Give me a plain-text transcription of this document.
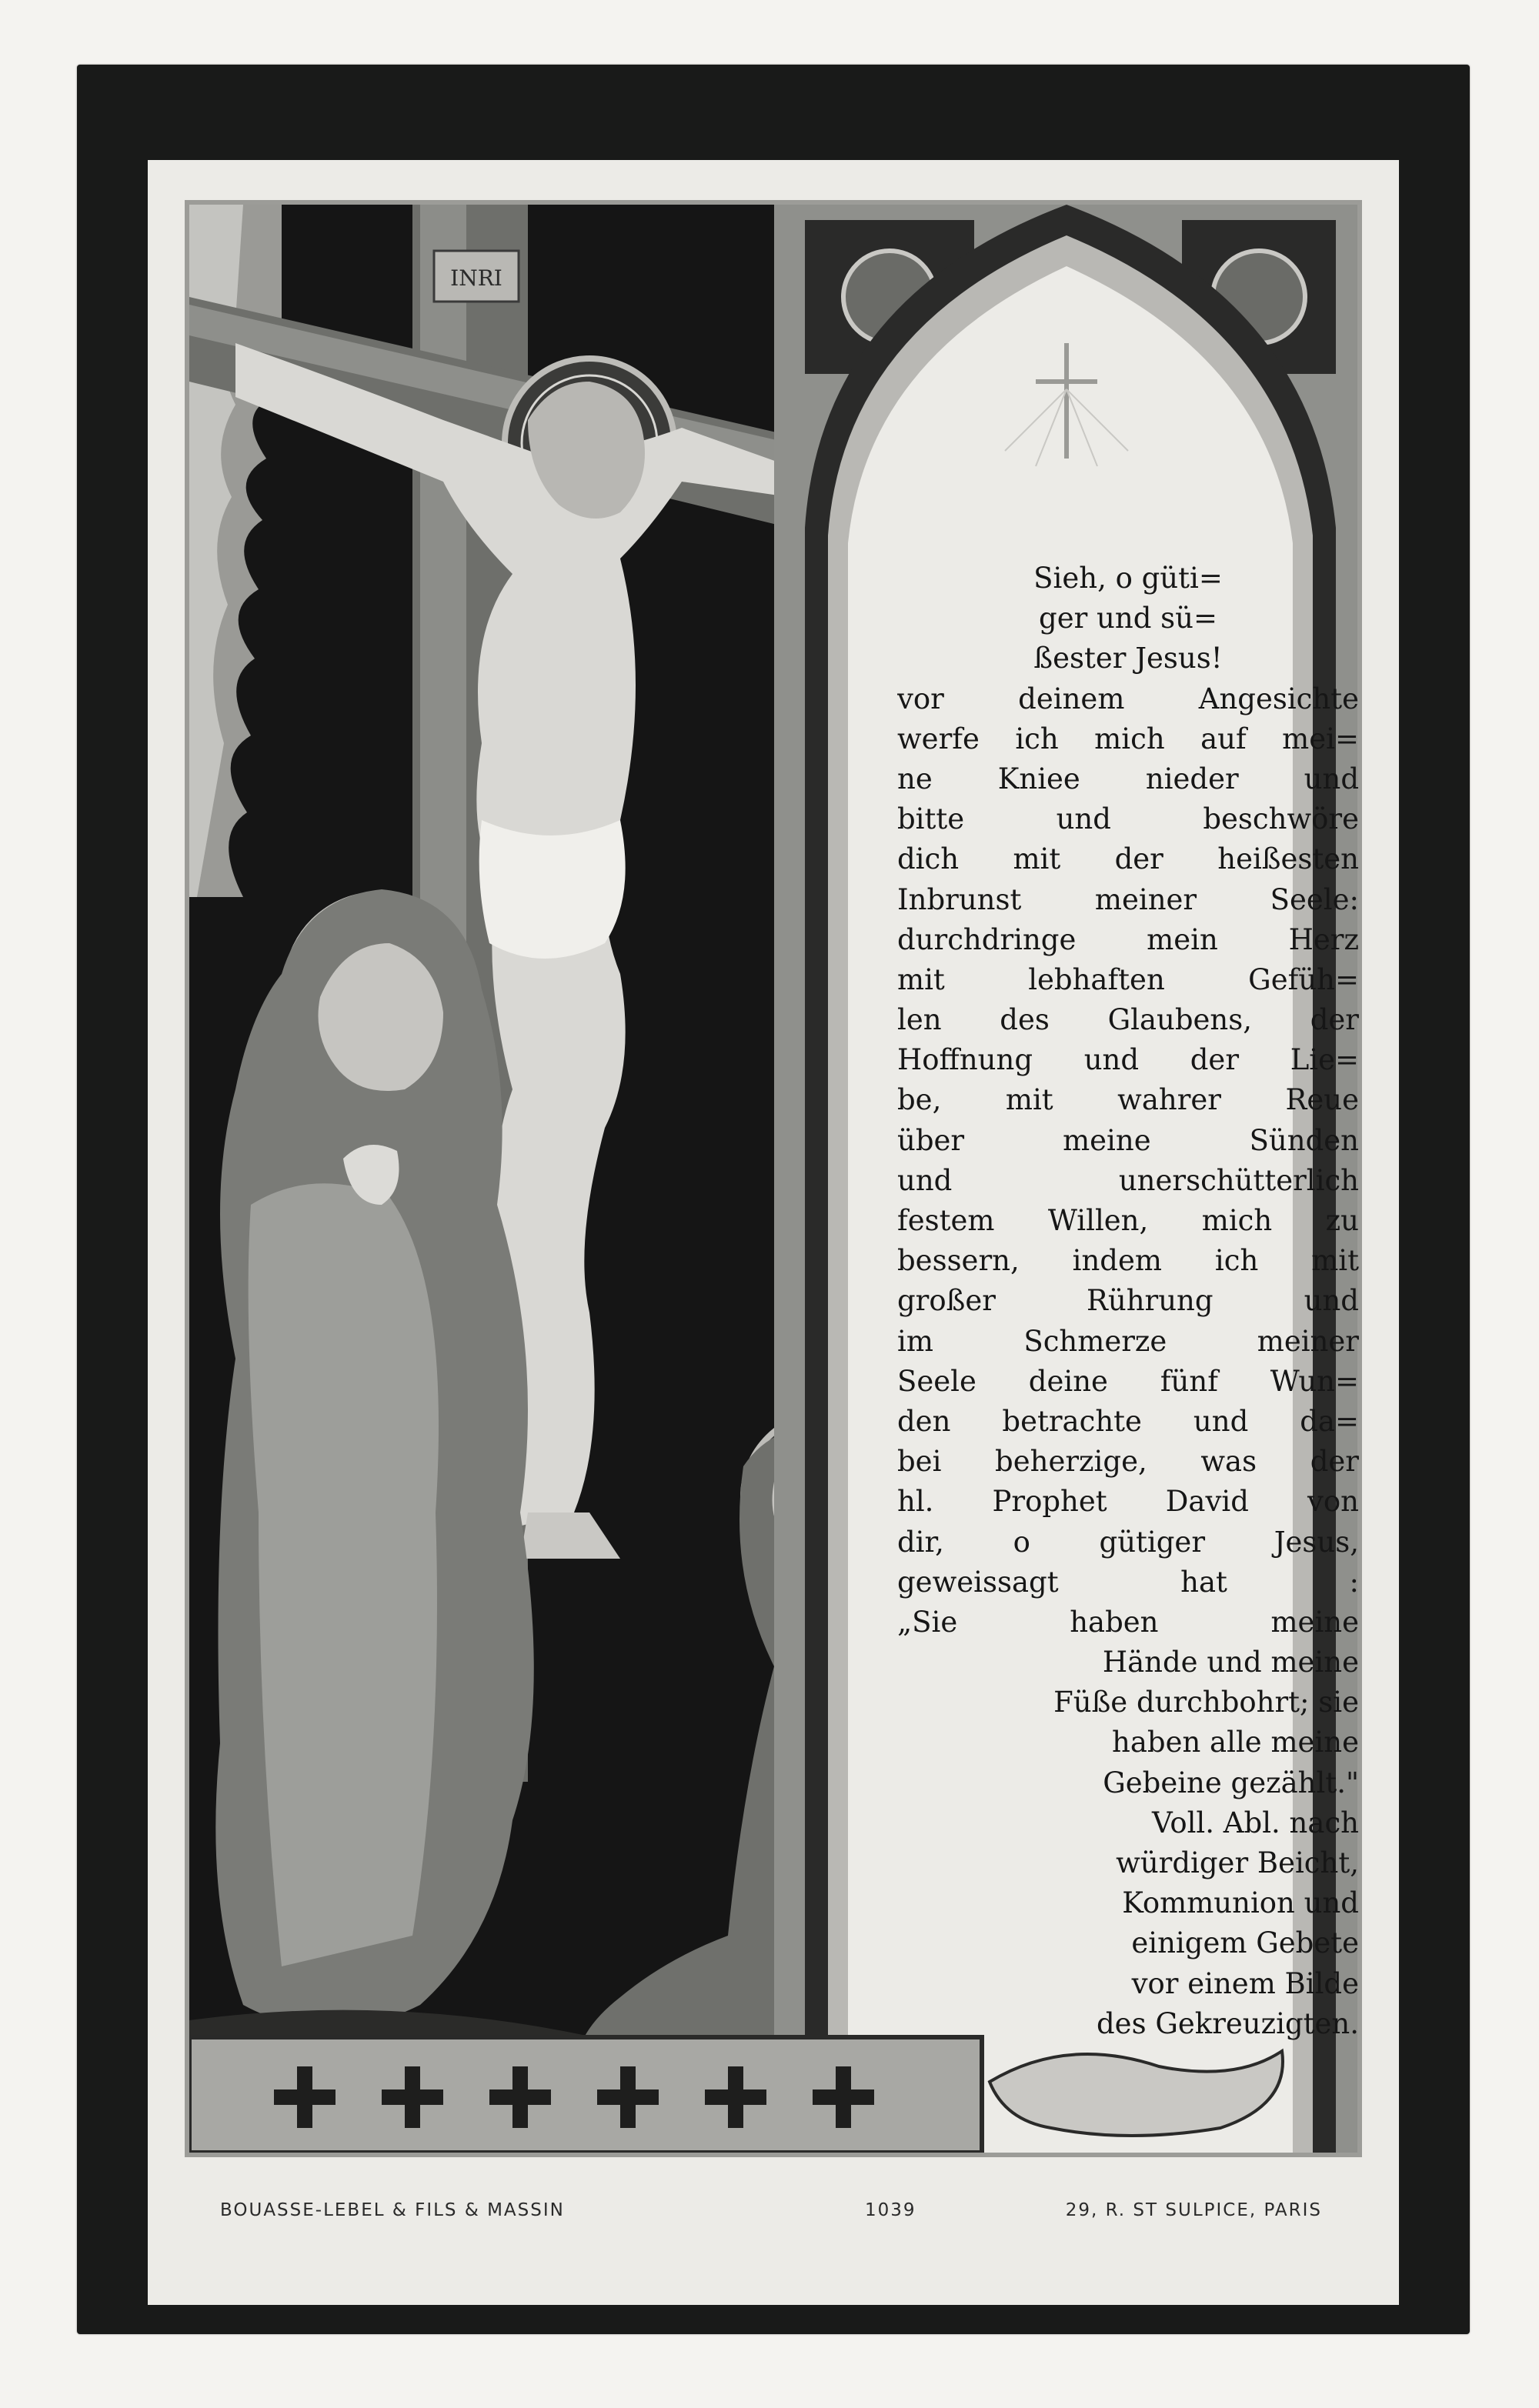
INRI
Sieh, o güti=
ger und sü=
ßester Jesus!
vor deinem Angesichte
werfe ich mich auf mei=
ne Kniee nieder und
bitte und beschwöre
dich mit der heißesten
Inbrunst meiner Seele:
durchdringe mein Herz
mit lebhaften Gefüh=
len des Glaubens, der
Hoffnung und der Lie=
be, mit wahrer Reue
über meine Sünden
und unerschütterlich
festem Willen, mich zu
bessern, indem ich mit
großer Rührung und
im Schmerze meiner
Seele deine fünf Wun=
den betrachte und da=
bei beherzige, was der
hl. Prophet David von
dir, o gütiger Jesus,
geweissagt hat :
„Sie haben meine
Hände und meine
Füße durchbohrt; sie
haben alle meine
Gebeine gezählt."
Voll. Abl. nach
würdiger Beicht,
Kommunion und
einigem Gebete
vor einem Bilde
des Gekreuzigten.
BOUASSE-LEBEL & FILS & MASSIN	1039	29, R. ST SULPICE, PARIS
